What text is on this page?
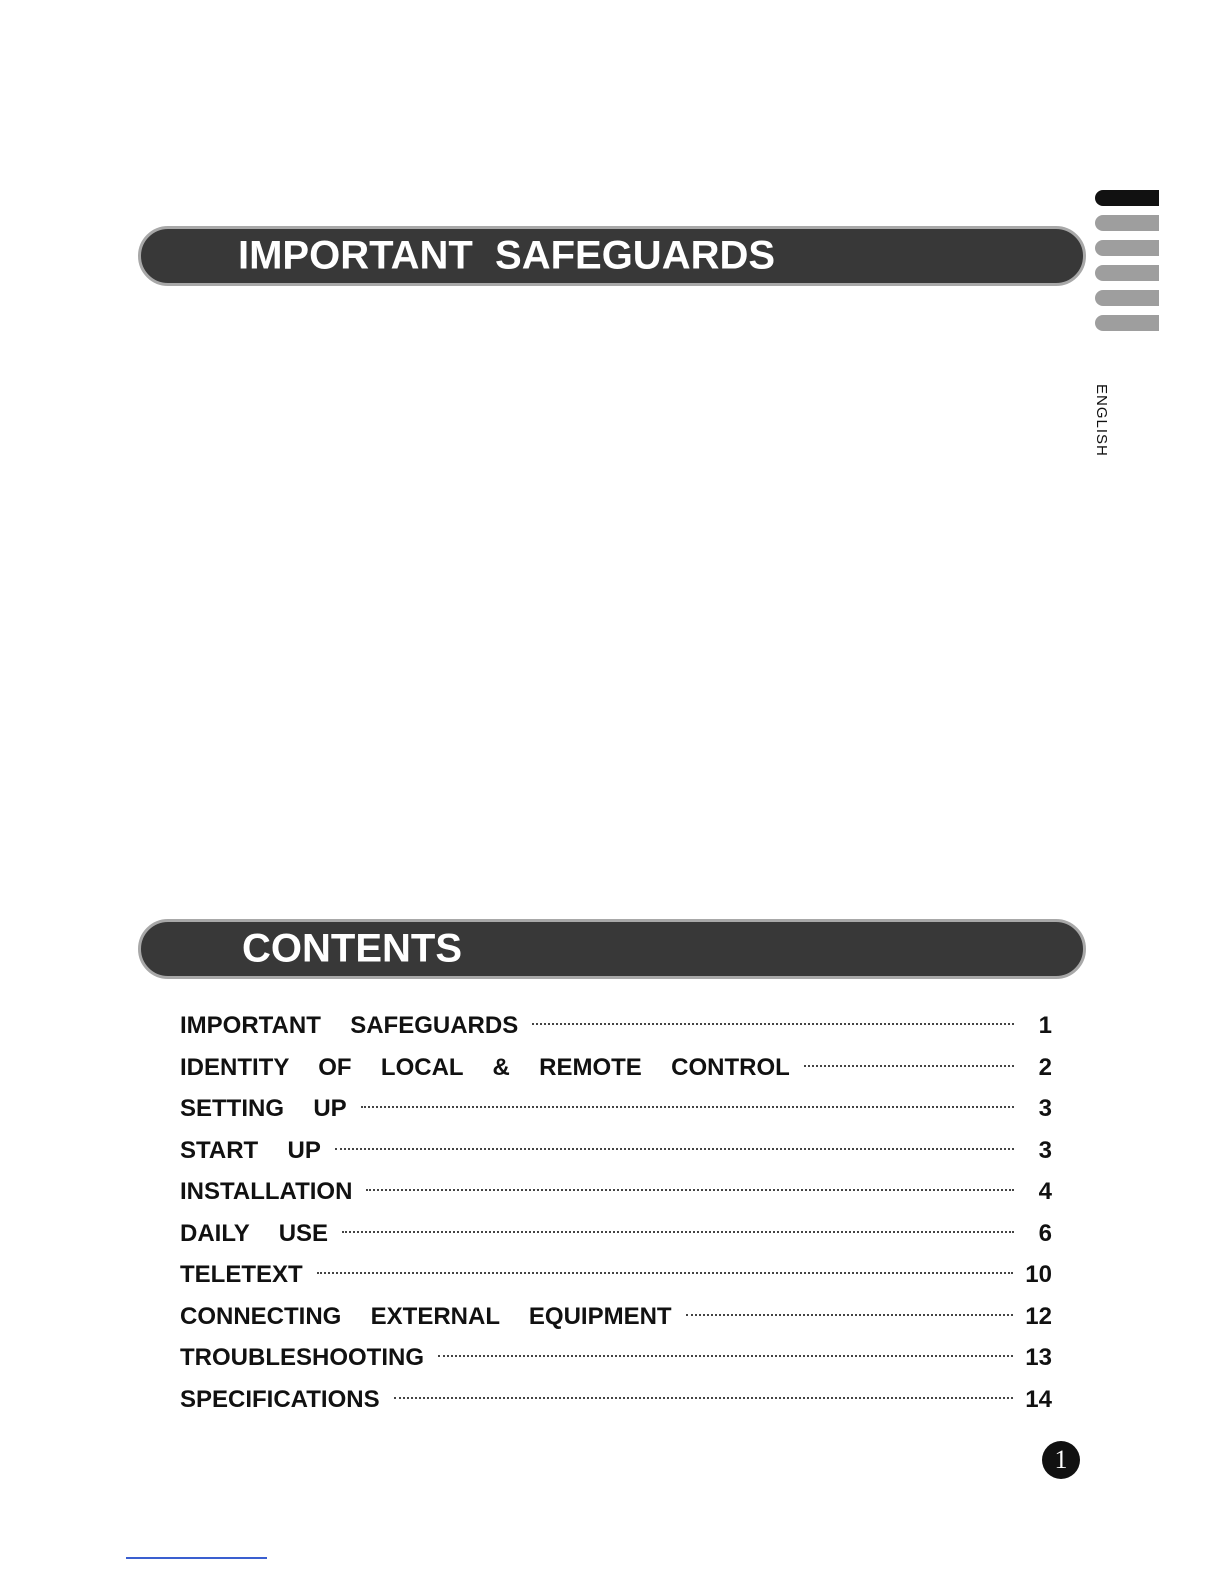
IMPORTANT  SAFEGUARDS
ENGLISH
CONTENTS
IMPORTANT  SAFEGUARDS	1
IDENTITY  OF  LOCAL  &  REMOTE  CONTROL	2
SETTING  UP	3
START  UP	3
INSTALLATION	4
DAILY  USE	6
TELETEXT	10
CONNECTING  EXTERNAL  EQUIPMENT	12
TROUBLESHOOTING	13
SPECIFICATIONS	14
1
